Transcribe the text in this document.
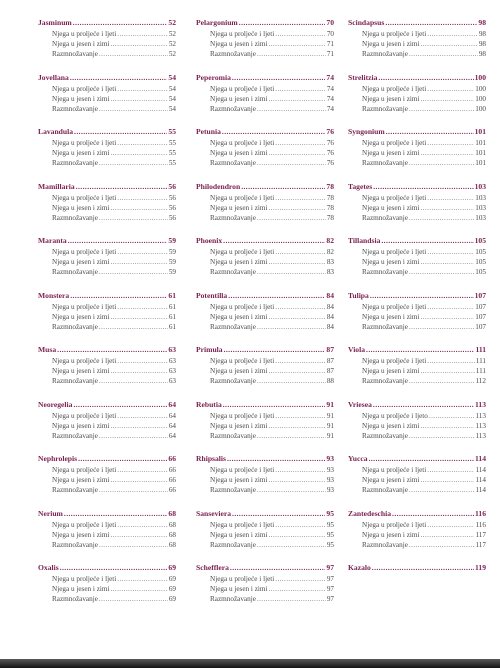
Jasminum .....	52
Njega u proljeće i ljeti .....	52
Njega u jesen i zimi .....	52
Razmnožavanje .....	52
Jovellana .....	54
Njega u proljeće i ljeti .....	54
Njega u jesen i zimi .....	54
Razmnožavanje .....	54
Lavandula .....	55
Njega u proljeće i ljeti .....	55
Njega u jesen i zimi .....	55
Razmnožavanje .....	55
Mamillaria .....	56
Njega u proljeće i ljeti .....	56
Njega u jesen i zimi .....	56
Razmnožavanje .....	56
Maranta .....	59
Njega u proljeće i ljeti .....	59
Njega u jesen i zimi .....	59
Razmnožavanje .....	59
Monstera .....	61
Njega u proljeće i ljeti .....	61
Njega u jesen i zimi .....	61
Razmnožavanje .....	61
Musa .....	63
Njega u proljeće i ljeti .....	63
Njega u jesen i zimi .....	63
Razmnožavanje .....	63
Neoregelia .....	64
Njega u proljeće i ljeti .....	64
Njega u jesen i zimi .....	64
Razmnožavanje .....	64
Nephrolepis .....	66
Njega u proljeće i ljeti .....	66
Njega u jesen i zimi .....	66
Razmnožavanje .....	66
Nerium .....	68
Njega u proljeće i ljeti .....	68
Njega u jesen i zimi .....	68
Razmnožavanje .....	68
Oxalis .....	69
Njega u proljeće i ljeti .....	69
Njega u jesen i zimi .....	69
Razmnožavanje .....	69
Pelargonium .....	70
Njega u proljeće i ljeti .....	70
Njega u jesen i zimi .....	71
Razmnožavanje .....	71
Peperomia .....	74
Njega u proljeće i ljeti .....	74
Njega u jesen i zimi .....	74
Razmnožavanje .....	74
Petunia .....	76
Njega u proljeće i ljeti .....	76
Njega u jesen i zimi .....	76
Razmnožavanje .....	76
Philodendron .....	78
Njega u proljeće i ljeti .....	78
Njega u jesen i zimi .....	78
Razmnožavanje .....	78
Phoenix .....	82
Njega u proljeće i ljeti .....	82
Njega u jesen i zimi .....	83
Razmnožavanje .....	83
Potentilla .....	84
Njega u proljeće i ljeti .....	84
Njega u jesen i zimi .....	84
Razmnožavanje .....	84
Primula .....	87
Njega u proljeće i ljeti .....	87
Njega u jesen i zimi .....	87
Razmnožavanje .....	88
Rebutia .....	91
Njega u proljeće i ljeti .....	91
Njega u jesen i zimi .....	91
Razmnožavanje .....	91
Rhipsalis .....	93
Njega u proljeće i ljeti .....	93
Njega u jesen i zimi .....	93
Razmnožavanje .....	93
Sanseviera .....	95
Njega u proljeće i ljeti .....	95
Njega u jesen i zimi .....	95
Razmnožavanje .....	95
Schefflera .....	97
Njega u proljeće i ljeti .....	97
Njega u jesen i zimi .....	97
Razmnožavanje .....	97
Scindapsus .....	98
Njega u proljeće i ljeti .....	98
Njega u jesen i zimi .....	98
Razmnožavanje .....	98
Strelitzia .....	100
Njega u proljeće i ljeti .....	100
Njega u jesen i zimi .....	100
Razmnožavanje .....	100
Syngonium .....	101
Njega u proljeće i ljeti .....	101
Njega u jesen i zimi .....	101
Razmnožavanje .....	101
Tagetes .....	103
Njega u proljeće i ljeti .....	103
Njega u jesen i zimi .....	103
Razmnožavanje .....	103
Tillandsia .....	105
Njega u proljeće i ljeti .....	105
Njega u jesen i zimi .....	105
Razmnožavanje .....	105
Tulipa .....	107
Njega u proljeće i ljeti .....	107
Njega u jesen i zimi .....	107
Razmnožavanje .....	107
Viola .....	111
Njega u proljeće i ljeti .....	111
Njega u jesen i zimi .....	111
Razmnožavanje .....	112
Vriesea .....	113
Njega u proljeće i ljeto .....	113
Njega u jesen i zimi .....	113
Razmnožavanje .....	113
Yucca .....	114
Njega u proljeće i ljeti .....	114
Njega u jesen i zimi .....	114
Razmnožavanje .....	114
Zantedeschia .....	116
Njega u proljeće i ljeti .....	116
Njega u jesen i zimi .....	117
Razmnožavanje .....	117
Kazalo .....	119
